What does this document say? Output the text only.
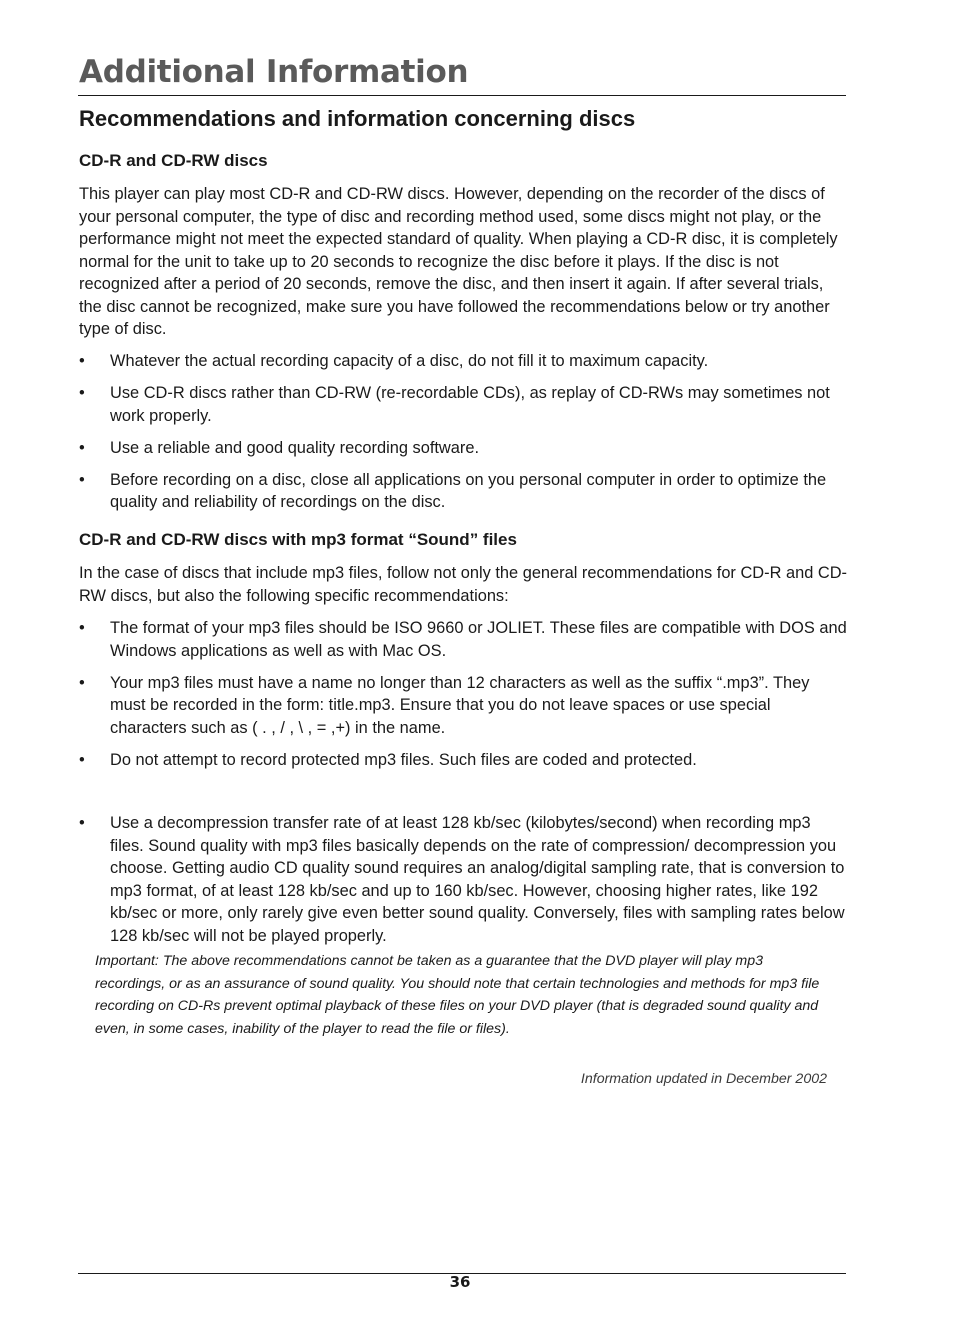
Additional Information
Recommendations and information concerning discs
CD-R and CD-RW discs

This player can play most CD-R and CD-RW discs. However, depending on the recorder of the discs of your personal computer, the type of disc and recording method used, some discs might not play, or the performance might not meet the expected standard of quality. When playing a CD-R disc, it is completely normal for the unit to take up to 20 seconds to recognize the disc before it plays. If the disc is not recognized after a period of 20 seconds, remove the disc, and then insert it again. If after several trials, the disc cannot be recognized, make sure you have followed the recommendations below or try another type of disc.

•	Whatever the actual recording capacity of a disc, do not fill it to maximum capacity.
•	Use CD-R discs rather than CD-RW (re-recordable CDs), as replay of CD-RWs may sometimes not work properly.
•	Use a reliable and good quality recording software.
•	Before recording on a disc, close all applications on you personal computer in order to optimize the quality and reliability of recordings on the disc.
CD-R and CD-RW discs with mp3 format “Sound” files

In the case of discs that include mp3 files, follow not only the general recommendations for CD-R and CD-RW discs, but also the following specific recommendations:

•	The format of your mp3 files should be ISO 9660 or JOLIET. These files are compatible with DOS and Windows applications as well as with Mac OS.
•	Your mp3 files must have a name no longer than 12 characters as well as the suffix “.mp3”. They must be recorded in the form: title.mp3. Ensure that you do not leave spaces or use special characters such as ( . , / , \ , = ,+) in the name.
•	Do not attempt to record protected mp3 files. Such files are coded and protected.
•	Use a decompression transfer rate of at least 128 kb/sec (kilobytes/second) when recording mp3 files. Sound quality with mp3 files basically depends on the rate of compression/ decompression you choose. Getting audio CD quality sound requires an analog/digital sampling rate, that is conversion to mp3 format, of at least 128 kb/sec and up to 160 kb/sec. However, choosing higher rates, like 192 kb/sec or more, only rarely give even better sound quality. Conversely, files with sampling rates below 128 kb/sec will not be played properly.

Important: The above recommendations cannot be taken as a guarantee that the DVD player will play mp3 recordings, or as an assurance of sound quality. You should note that certain technologies and methods for mp3 file recording on CD-Rs prevent optimal playback of these files on your DVD player (that is degraded sound quality and even, in some cases, inability of the player to read the file or files).

Information updated in December 2002

36
